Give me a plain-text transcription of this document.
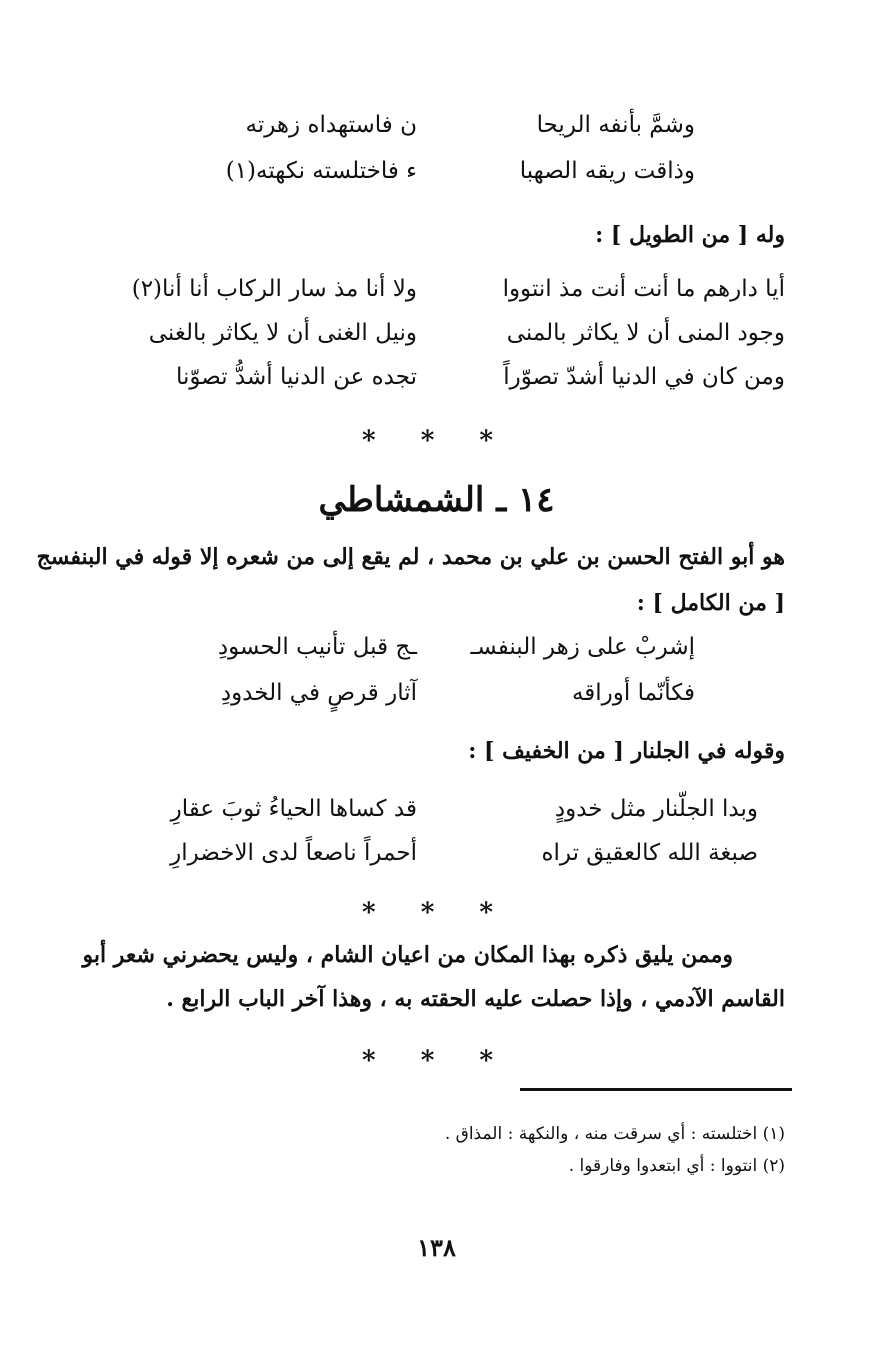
وشمَّ بأنفه الريحا
ن فاستهداه زهرته
وذاقت ريقه الصهبا
ء فاختلسته نكهته(١)
وله [ من الطويل ] :
أيا دارهم ما أنت أنت مذ انتووا
ولا أنا مذ سار الركاب أنا أنا(٢)
وجود المنى أن لا يكاثر بالمنى
ونيل الغنى أن لا يكاثر بالغنى
ومن كان في الدنيا أشدّ تصوّراً
تجده عن الدنيا أشدُّ تصوّنا
* * *
١٤ ـ الشمشاطي
هو أبو الفتح الحسن بن علي بن محمد ، لم يقع إلى من شعره إلا قوله في البنفسج
[ من الكامل ] :
إشربْ على زهر البنفسـ
ـج قبل تأنيب الحسودِ
فكأنّما أوراقه
آثار قرصٍ في الخدودِ
وقوله في الجلنار [ من الخفيف ] :
وبدا الجلّنار مثل خدودٍ
قد كساها الحياءُ ثوبَ عقارِ
صبغة الله كالعقيق تراه
أحمراً ناصعاً لدى الاخضرارِ
* * *
وممن يليق ذكره بهذا المكان من اعيان الشام ، وليس يحضرني شعر أبو
القاسم الآدمي ، وإذا حصلت عليه الحقته به ، وهذا آخر الباب الرابع .
* * *
(١) اختلسته : أي سرقت منه ، والنكهة : المذاق .
(٢) انتووا : أي ابتعدوا وفارقوا .
١٣٨
